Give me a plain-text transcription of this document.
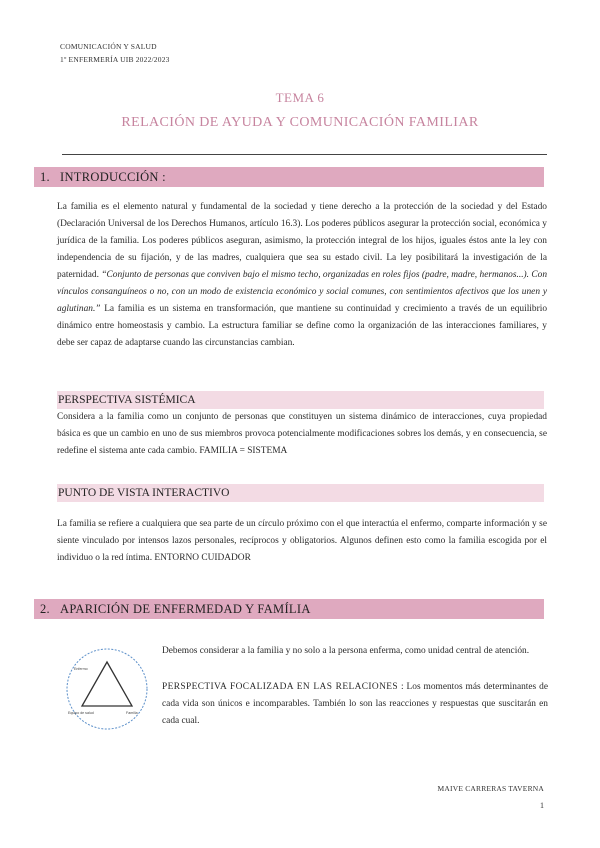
COMUNICACIÓN Y SALUD
1º ENFERMERÍA UIB 2022/2023
TEMA 6
RELACIÓN DE AYUDA Y COMUNICACIÓN FAMILIAR
1. INTRODUCCIÓN :
La familia es el elemento natural y fundamental de la sociedad y tiene derecho a la protección de la sociedad y del Estado (Declaración Universal de los Derechos Humanos, artículo 16.3). Los poderes públicos asegurar la protección social, económica y jurídica de la familia. Los poderes públicos aseguran, asimismo, la protección integral de los hijos, iguales éstos ante la ley con independencia de su fijación, y de las madres, cualquiera que sea su estado civil. La ley posibilitará la investigación de la paternidad. “Conjunto de personas que conviven bajo el mismo techo, organizadas en roles fijos (padre, madre, hermanos...). Con vínculos consanguíneos o no, con un modo de existencia económico y social comunes, con sentimientos afectivos que los unen y aglutinan.” La familia es un sistema en transformación, que mantiene su continuidad y crecimiento a través de un equilibrio dinámico entre homeostasis y cambio. La estructura familiar se define como la organización de las interacciones familiares, y debe ser capaz de adaptarse cuando las circunstancias cambian.
PERSPECTIVA SISTÉMICA
Considera a la familia como un conjunto de personas que constituyen un sistema dinámico de interacciones, cuya propiedad básica es que un cambio en uno de sus miembros provoca potencialmente modificaciones sobres los demás, y en consecuencia, se redefine el sistema ante cada cambio. FAMILIA = SISTEMA
PUNTO DE VISTA INTERACTIVO
La familia se refiere a cualquiera que sea parte de un círculo próximo con el que interactúa el enfermo, comparte información y se siente vinculado por intensos lazos personales, recíprocos y obligatorios. Algunos definen esto como la familia escogida por el individuo o la red íntima. ENTORNO CUIDADOR
2. APARICIÓN DE ENFERMEDAD Y FAMÍLIA
Enfermo
Equipo de salud	Familia
Debemos considerar a la familia y no solo a la persona enferma, como unidad central de atención.
PERSPECTIVA FOCALIZADA EN LAS RELACIONES : Los momentos más determinantes de cada vida son únicos e incomparables. También lo son las reacciones y respuestas que suscitarán en cada cual.
MAIVE CARRERAS TAVERNA
1
